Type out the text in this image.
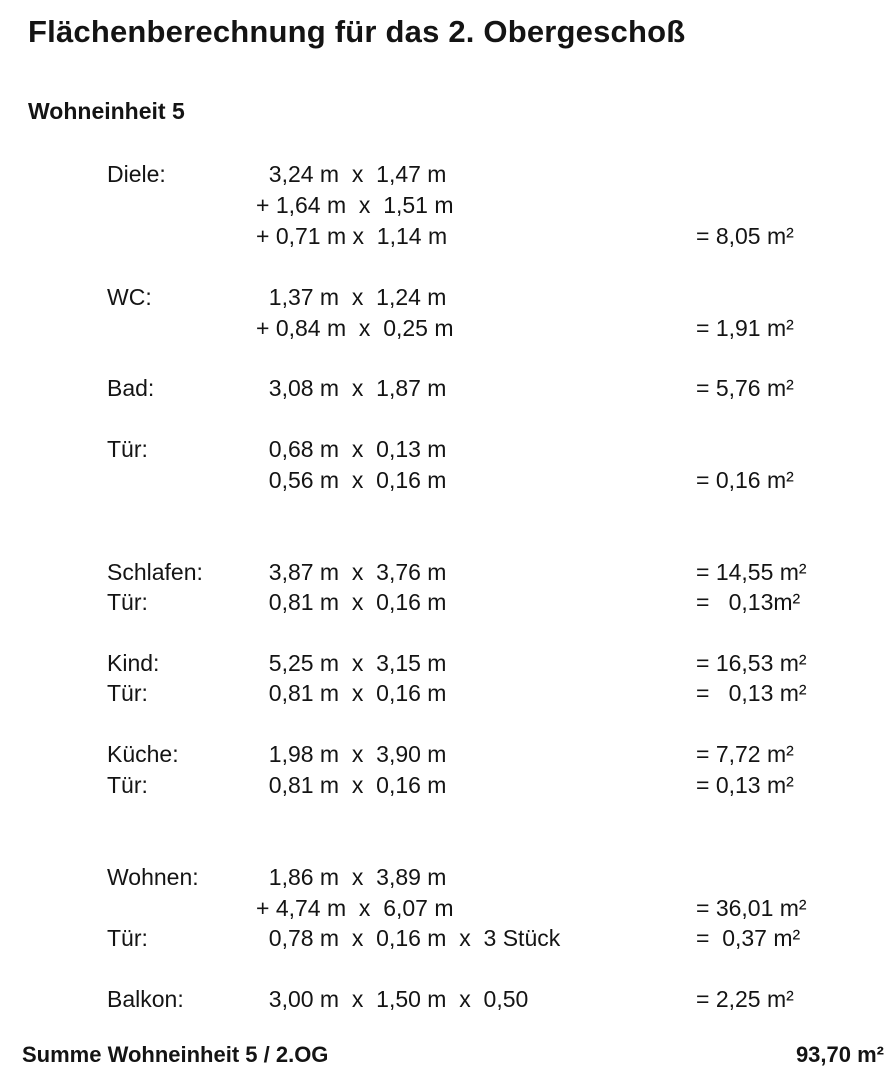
Flächenberechnung für das 2. Obergeschoß
Wohneinheit 5
Diele:	3,24 m  x  1,47 m
+ 1,64 m  x  1,51 m
+ 0,71 m x  1,14 m	= 8,05 m²
WC:	1,37 m  x  1,24 m
+ 0,84 m  x  0,25 m	= 1,91 m²
Bad:	3,08 m  x  1,87 m	= 5,76 m²
Tür:	0,68 m  x  0,13 m
0,56 m  x  0,16 m	= 0,16 m²
Schlafen: 3,87 m  x  3,76 m	= 14,55 m²
Tür:	0,81 m  x  0,16 m	=   0,13m²
Kind:	5,25 m  x  3,15 m	= 16,53 m²
Tür:	0,81 m  x  0,16 m	=   0,13 m²
Küche:	1,98 m  x  3,90 m	= 7,72 m²
Tür:	0,81 m  x  0,16 m	= 0,13 m²
Wohnen: 1,86 m  x  3,89 m
+ 4,74 m  x  6,07 m	= 36,01 m²
Tür:	0,78 m  x  0,16 m  x  3 Stück	=  0,37 m²
Balkon:	3,00 m  x  1,50 m  x  0,50	= 2,25 m²
Summe Wohneinheit 5 / 2.OG	93,70 m²
